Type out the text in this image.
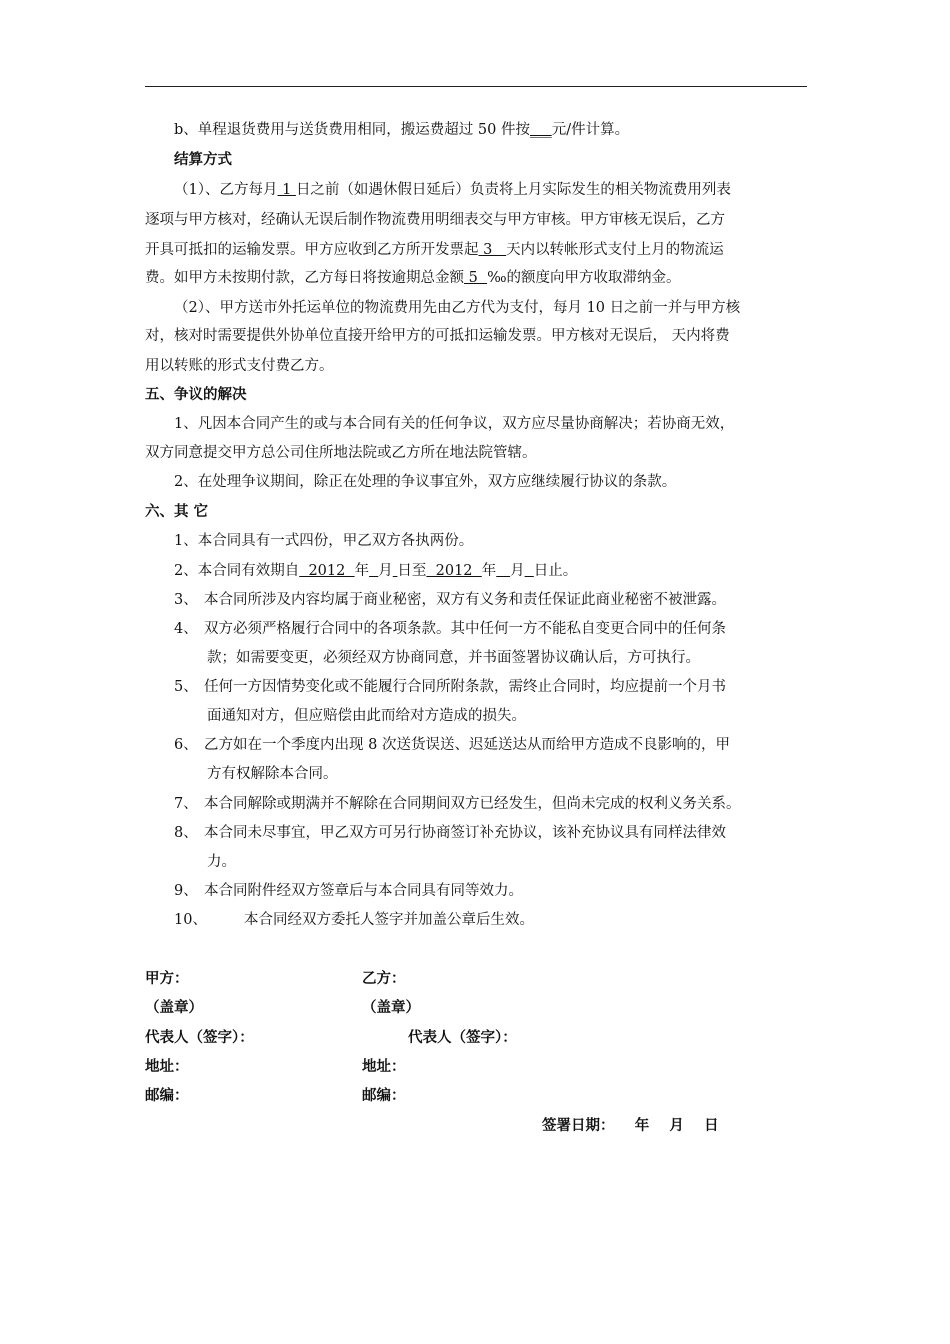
b、单程退货费用与送货费用相同，搬运费超过 50 件按___元/件计算。
结算方式
（1）、乙方每月 1 日之前（如遇休假日延后）负责将上月实际发生的相关物流费用列表
逐项与甲方核对，经确认无误后制作物流费用明细表交与甲方审核。甲方审核无误后，乙方
开具可抵扣的运输发票。甲方应收到乙方所开发票起 3   天内以转帐形式支付上月的物流运
费。如甲方未按期付款，乙方每日将按逾期总金额 5  ‰的额度向甲方收取滞纳金。
（2）、甲方送市外托运单位的物流费用先由乙方代为支付，每月 10 日之前一并与甲方核
对，核对时需要提供外协单位直接开给甲方的可抵扣运输发票。甲方核对无误后， 天内将费
用以转账的形式支付费乙方。
五、争议的解决
1、凡因本合同产生的或与本合同有关的任何争议，双方应尽量协商解决；若协商无效，
双方同意提交甲方总公司住所地法院或乙方所在地法院管辖。
2、在处理争议期间，除正在处理的争议事宜外，双方应继续履行协议的条款。
六、其 它
1、本合同具有一式四份，甲乙双方各执两份。
2、本合同有效期自  2012  年 月 日至  2012  年 月 日止。
3、 本合同所涉及内容均属于商业秘密，双方有义务和责任保证此商业秘密不被泄露。
4、 双方必须严格履行合同中的各项条款。其中任何一方不能私自变更合同中的任何条
款；如需要变更，必须经双方协商同意，并书面签署协议确认后，方可执行。
5、 任何一方因情势变化或不能履行合同所附条款，需终止合同时，均应提前一个月书
面通知对方，但应赔偿由此而给对方造成的损失。
6、 乙方如在一个季度内出现 8 次送货误送、迟延送达从而给甲方造成不良影响的，甲
方有权解除本合同。
7、 本合同解除或期满并不解除在合同期间双方已经发生，但尚未完成的权利义务关系。
8、 本合同未尽事宜，甲乙双方可另行协商签订补充协议，该补充协议具有同样法律效
力。
9、 本合同附件经双方签章后与本合同具有同等效力。
10、	本合同经双方委托人签字并加盖公章后生效。
甲方：	乙方：
（盖章）	（盖章）
代表人（签字）：	代表人（签字）：
地址：	地址：
邮编：	邮编：
签署日期：    年    月    日
